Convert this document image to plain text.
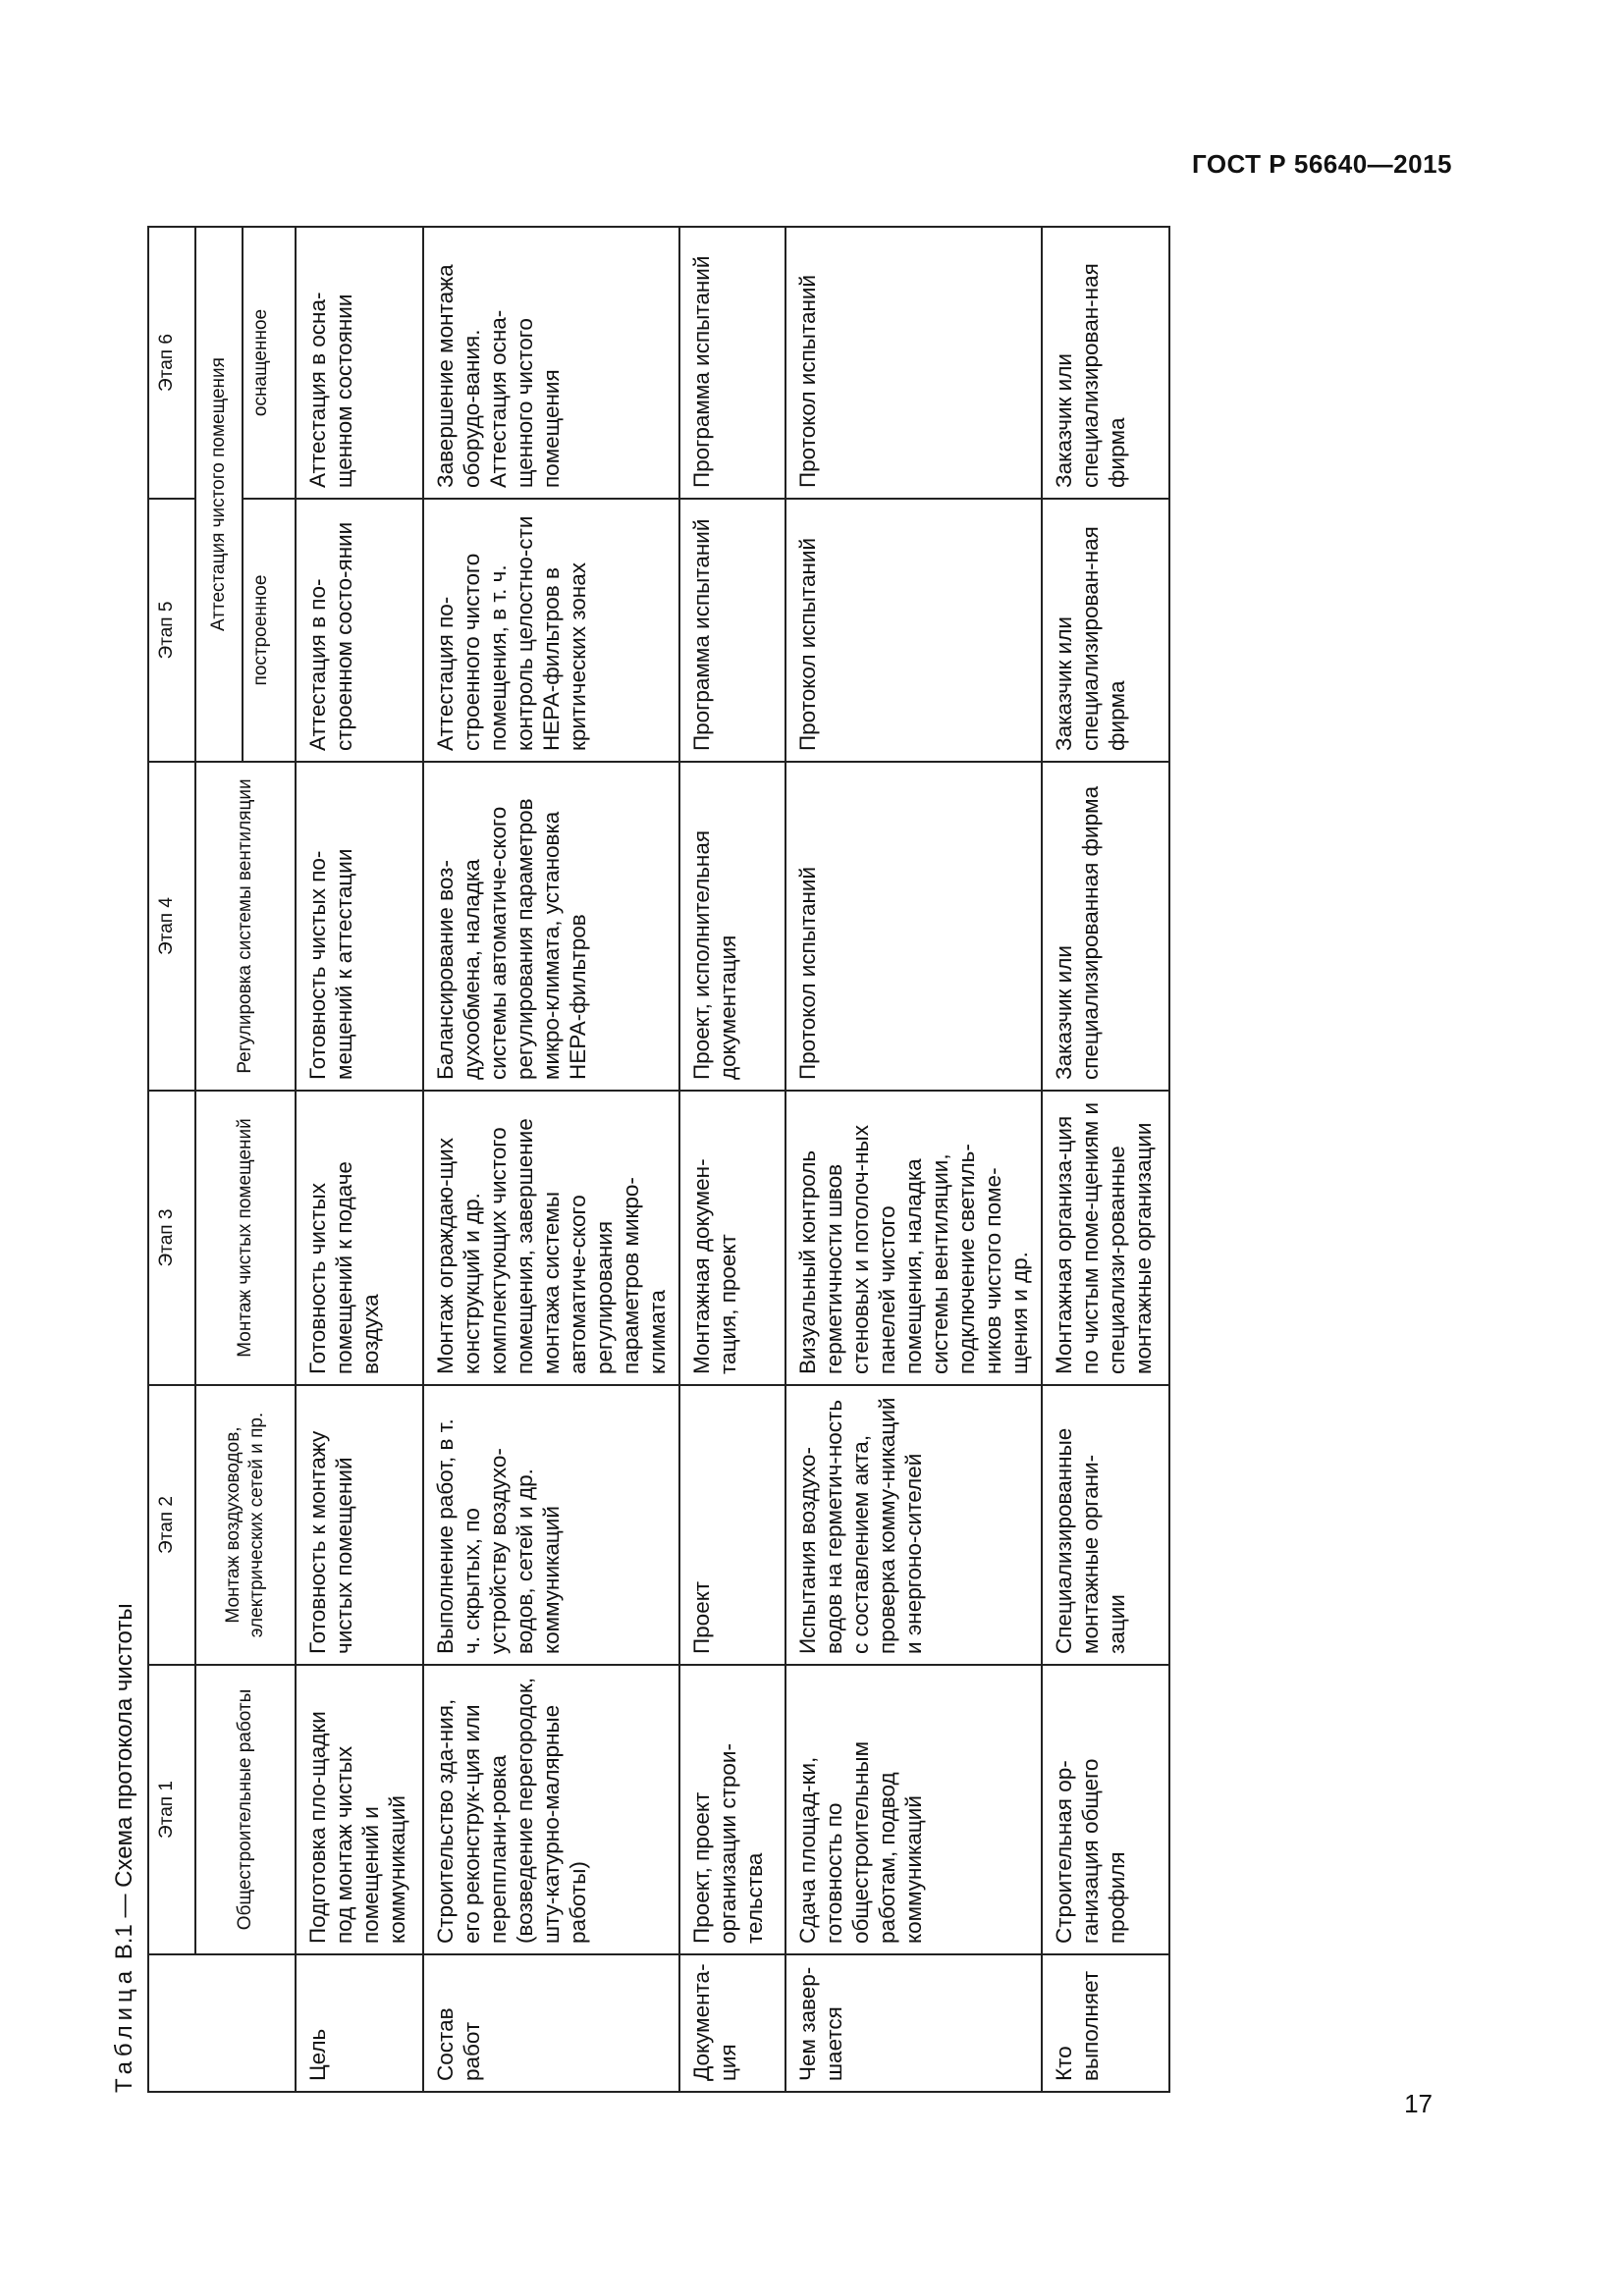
ГОСТ Р 56640—2015
Таблица В.1 — Схема протокола чистоты
		Этап 1	Этап 2	Этап 3	Этап 4	Этап 5	Этап 6
	Общестроительные работы	Монтаж воздуховодов, электрических сетей и пр.	Монтаж чистых помещений	Регулировка системы вентиляции	Аттестация чистого помещения	
					построенное	оснащенное
Цель	Подготовка пло-щадки под монтаж чистых помещений и коммуникаций	Готовность к монтажу чистых помещений	Готовность чистых помещений к подаче воздуха	Готовность чистых по-мещений к аттестации	Аттестация в по-строенном состо-янии	Аттестация в осна-щенном состоянии
Состав работ	Строительство зда-ния, его реконструк-ция или перепплани-ровка (возведение перегородок, шту-катурно-малярные работы)	Выполнение работ, в т. ч. скрытых, по устройству воздухо-водов, сетей и др. коммуникаций	Монтаж ограждаю-щих конструкций и др. комплектующих чистого помещения, завершение монтажа системы автоматиче-ского регулирования параметров микро-климата	Балансирование воз-духообмена, наладка системы автоматиче-ского регулирования параметров микро-климата, установка НЕРА-фильтров	Аттестация по-строенного чистого помещения, в т. ч. контроль целостно-сти НЕРА-фильтров в критических зонах	Завершение монтажа оборудо-вания. Аттестация осна-щенного чистого помещения

Документа-ция	Проект, проект организации строи-тельства	Проект	Монтажная докумен-тация, проект	Проект, исполнительная документация	Программа испытаний	Программа испытаний
Чем завер-шается	Сдача площад-ки, готовность по общестроительным работам, подвод коммуникаций	Испытания воздухо-водов на герметич-ность с составлением акта, проверка комму-никаций и энергоно-сителей	Визуальный контроль герметичности швов стеновых и потолоч-ных панелей чистого помещения, наладка системы вентиляции, подключение светиль-ников чистого поме-щения и др.	Протокол испытаний	Протокол испытаний	Протокол испытаний
Кто выполняет	Строительная ор-ганизация общего профиля	Специализированные монтажные органи-зации	Монтажная организа-ция по чистым поме-щениям и специализи-рованные монтажные организации	Заказчик или специализированная фирма	Заказчик или специализирован-ная фирма	Заказчик или специализирован-ная фирма
17
